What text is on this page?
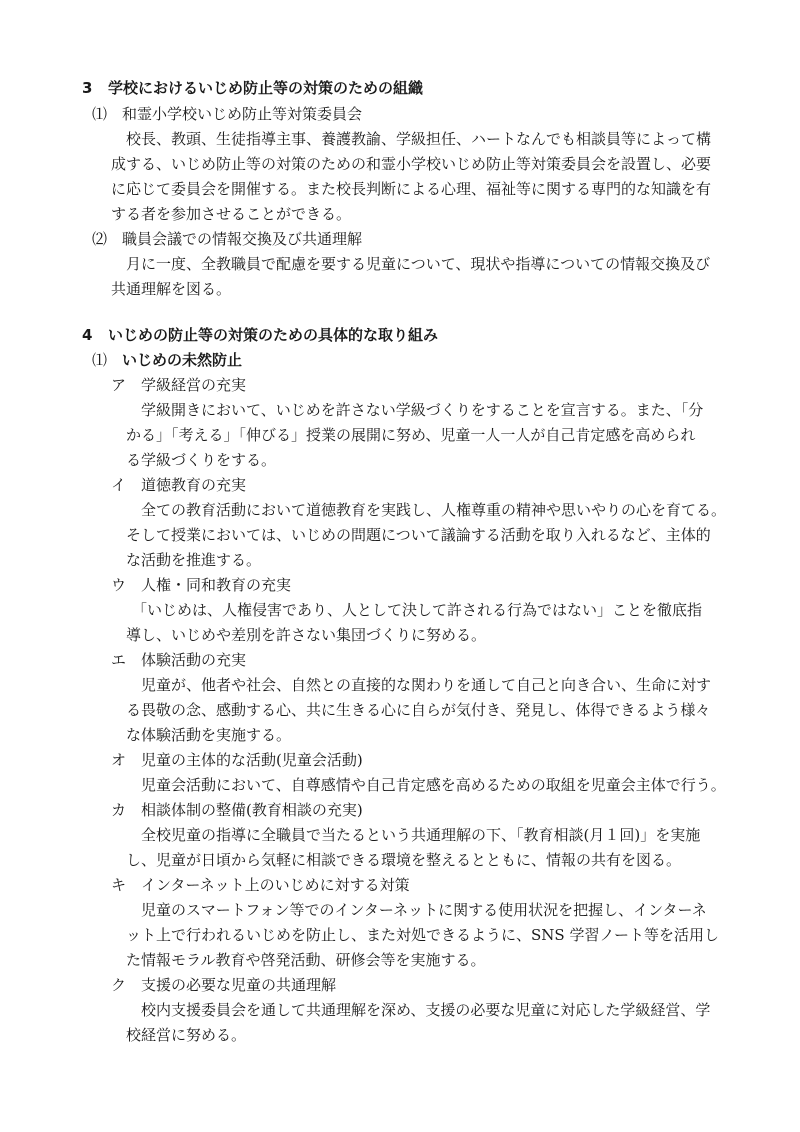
3 学校におけるいじめ防止等の対策のための組織
⑴ 和霊小学校いじめ防止等対策委員会
校長、教頭、生徒指導主事、養護教諭、学級担任、ハートなんでも相談員等によって構
成する、いじめ防止等の対策のための和霊小学校いじめ防止等対策委員会を設置し、必要
に応じて委員会を開催する。また校長判断による心理、福祉等に関する専門的な知識を有
する者を参加させることができる。
⑵ 職員会議での情報交換及び共通理解
月に一度、全教職員で配慮を要する児童について、現状や指導についての情報交換及び
共通理解を図る。
4 いじめの防止等の対策のための具体的な取り組み
⑴ いじめの未然防止
ア 学級経営の充実
学級開きにおいて、いじめを許さない学級づくりをすることを宣言する。また、「分
かる」「考える」「伸びる」授業の展開に努め、児童一人一人が自己肯定感を高められ
る学級づくりをする。
イ 道徳教育の充実
全ての教育活動において道徳教育を実践し、人権尊重の精神や思いやりの心を育てる。
そして授業においては、いじめの問題について議論する活動を取り入れるなど、主体的
な活動を推進する。
ウ 人権・同和教育の充実
「いじめは、人権侵害であり、人として決して許される行為ではない」ことを徹底指
導し、いじめや差別を許さない集団づくりに努める。
エ 体験活動の充実
児童が、他者や社会、自然との直接的な関わりを通して自己と向き合い、生命に対す
る畏敬の念、感動する心、共に生きる心に自らが気付き、発見し、体得できるよう様々
な体験活動を実施する。
オ 児童の主体的な活動(児童会活動)
児童会活動において、自尊感情や自己肯定感を高めるための取組を児童会主体で行う。
カ 相談体制の整備(教育相談の充実)
全校児童の指導に全職員で当たるという共通理解の下、「教育相談(月１回)」を実施
し、児童が日頃から気軽に相談できる環境を整えるとともに、情報の共有を図る。
キ インターネット上のいじめに対する対策
児童のスマートフォン等でのインターネットに関する使用状況を把握し、インターネ
ット上で行われるいじめを防止し、また対処できるように、SNS 学習ノート等を活用し
た情報モラル教育や啓発活動、研修会等を実施する。
ク 支援の必要な児童の共通理解
校内支援委員会を通して共通理解を深め、支援の必要な児童に対応した学級経営、学
校経営に努める。
